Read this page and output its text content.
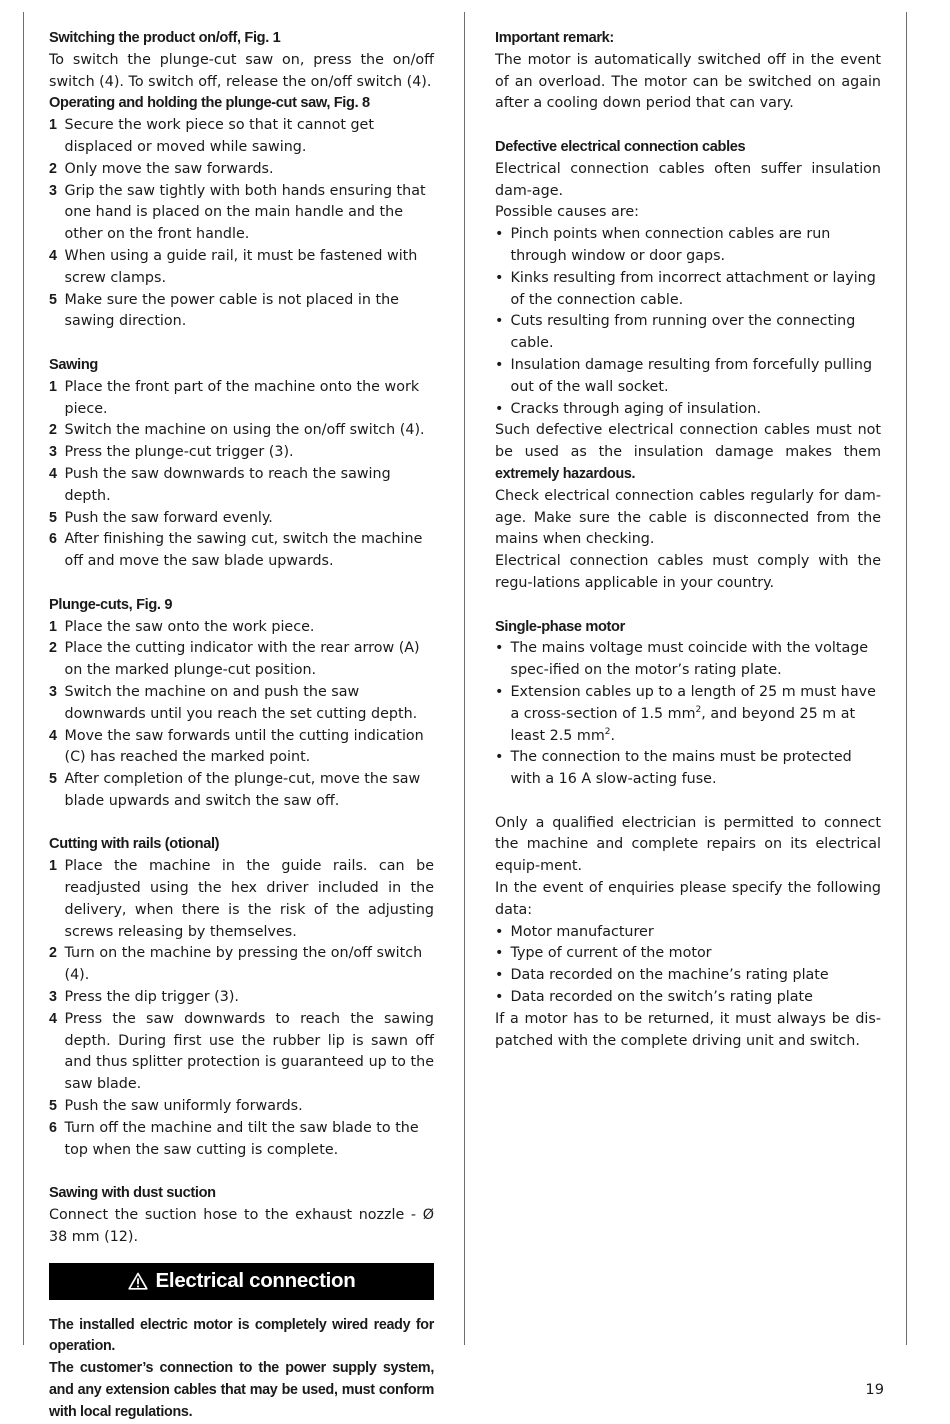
Switching the product on/off, Fig. 1

To switch the plunge-cut saw on, press the on/off switch (4). To switch off, release the on/off switch (4).

Operating and holding the plunge-cut saw, Fig. 8
1 Secure the work piece so that it cannot get displaced or moved while sawing.
2 Only move the saw forwards.
3 Grip the saw tightly with both hands ensuring that one hand is placed on the main handle and the other on the front handle.
4 When using a guide rail, it must be fastened with screw clamps.
5 Make sure the power cable is not placed in the sawing direction.
Sawing
1 Place the front part of the machine onto the work piece.
2 Switch the machine on using the on/off switch (4).
3 Press the plunge-cut trigger (3).
4 Push the saw downwards to reach the sawing depth.
5 Push the saw forward evenly.
6 After finishing the sawing cut, switch the machine off and move the saw blade upwards.
Plunge-cuts, Fig. 9
1 Place the saw onto the work piece.
2 Place the cutting indicator with the rear arrow (A) on the marked plunge-cut position.
3 Switch the machine on and push the saw downwards until you reach the set cutting depth.
4 Move the saw forwards until the cutting indication (C) has reached the marked point.
5 After completion of the plunge-cut, move the saw blade upwards and switch the saw off.
Cutting with rails (otional)
1 Place the machine in the guide rails. can be readjusted using the hex driver included in the delivery, when there is the risk of the adjusting screws releasing by themselves.
2 Turn on the machine by pressing the on/off switch (4).
3 Press the dip trigger (3).
4 Press the saw downwards to reach the sawing depth. During first use the rubber lip is sawn off and thus splitter protection is guaranteed up to the saw blade.
5 Push the saw uniformly forwards.
6 Turn off the machine and tilt the saw blade to the top when the saw cutting is complete.
Sawing with dust suction

Connect the suction hose to the exhaust nozzle - Ø 38 mm (12).

Electrical connection

The installed electric motor is completely wired ready for operation.

The customer’s connection to the power supply system, and any extension cables that may be used, must conform with local regulations.

Important remark:

The motor is automatically switched off in the event of an overload. The motor can be switched on again after a cooling down period that can vary.

Defective electrical connection cables

Electrical connection cables often suffer insulation dam-age.

Possible causes are:

• Pinch points when connection cables are run through window or door gaps.
• Kinks resulting from incorrect attachment or laying of the connection cable.
• Cuts resulting from running over the connecting cable.
• Insulation damage resulting from forcefully pulling out of the wall socket.
• Cracks through aging of insulation.

Such defective electrical connection cables must not be used as the insulation damage makes them extremely hazardous.

Check electrical connection cables regularly for dam-age. Make sure the cable is disconnected from the mains when checking.

Electrical connection cables must comply with the regu-lations applicable in your country.

Single-phase motor
• The mains voltage must coincide with the voltage spec-ified on the motor’s rating plate.
• Extension cables up to a length of 25 m must have a cross-section of 1.5 $mm^2$, and beyond 25 m at least 2.5 $mm^2$.
• The connection to the mains must be protected with a 16 A slow-acting fuse.

Only a qualified electrician is permitted to connect the machine and complete repairs on its electrical equip-ment.

In the event of enquiries please specify the following data:

• Motor manufacturer
• Type of current of the motor
• Data recorded on the machine’s rating plate
• Data recorded on the switch’s rating plate

If a motor has to be returned, it must always be dis-patched with the complete driving unit and switch.

19
